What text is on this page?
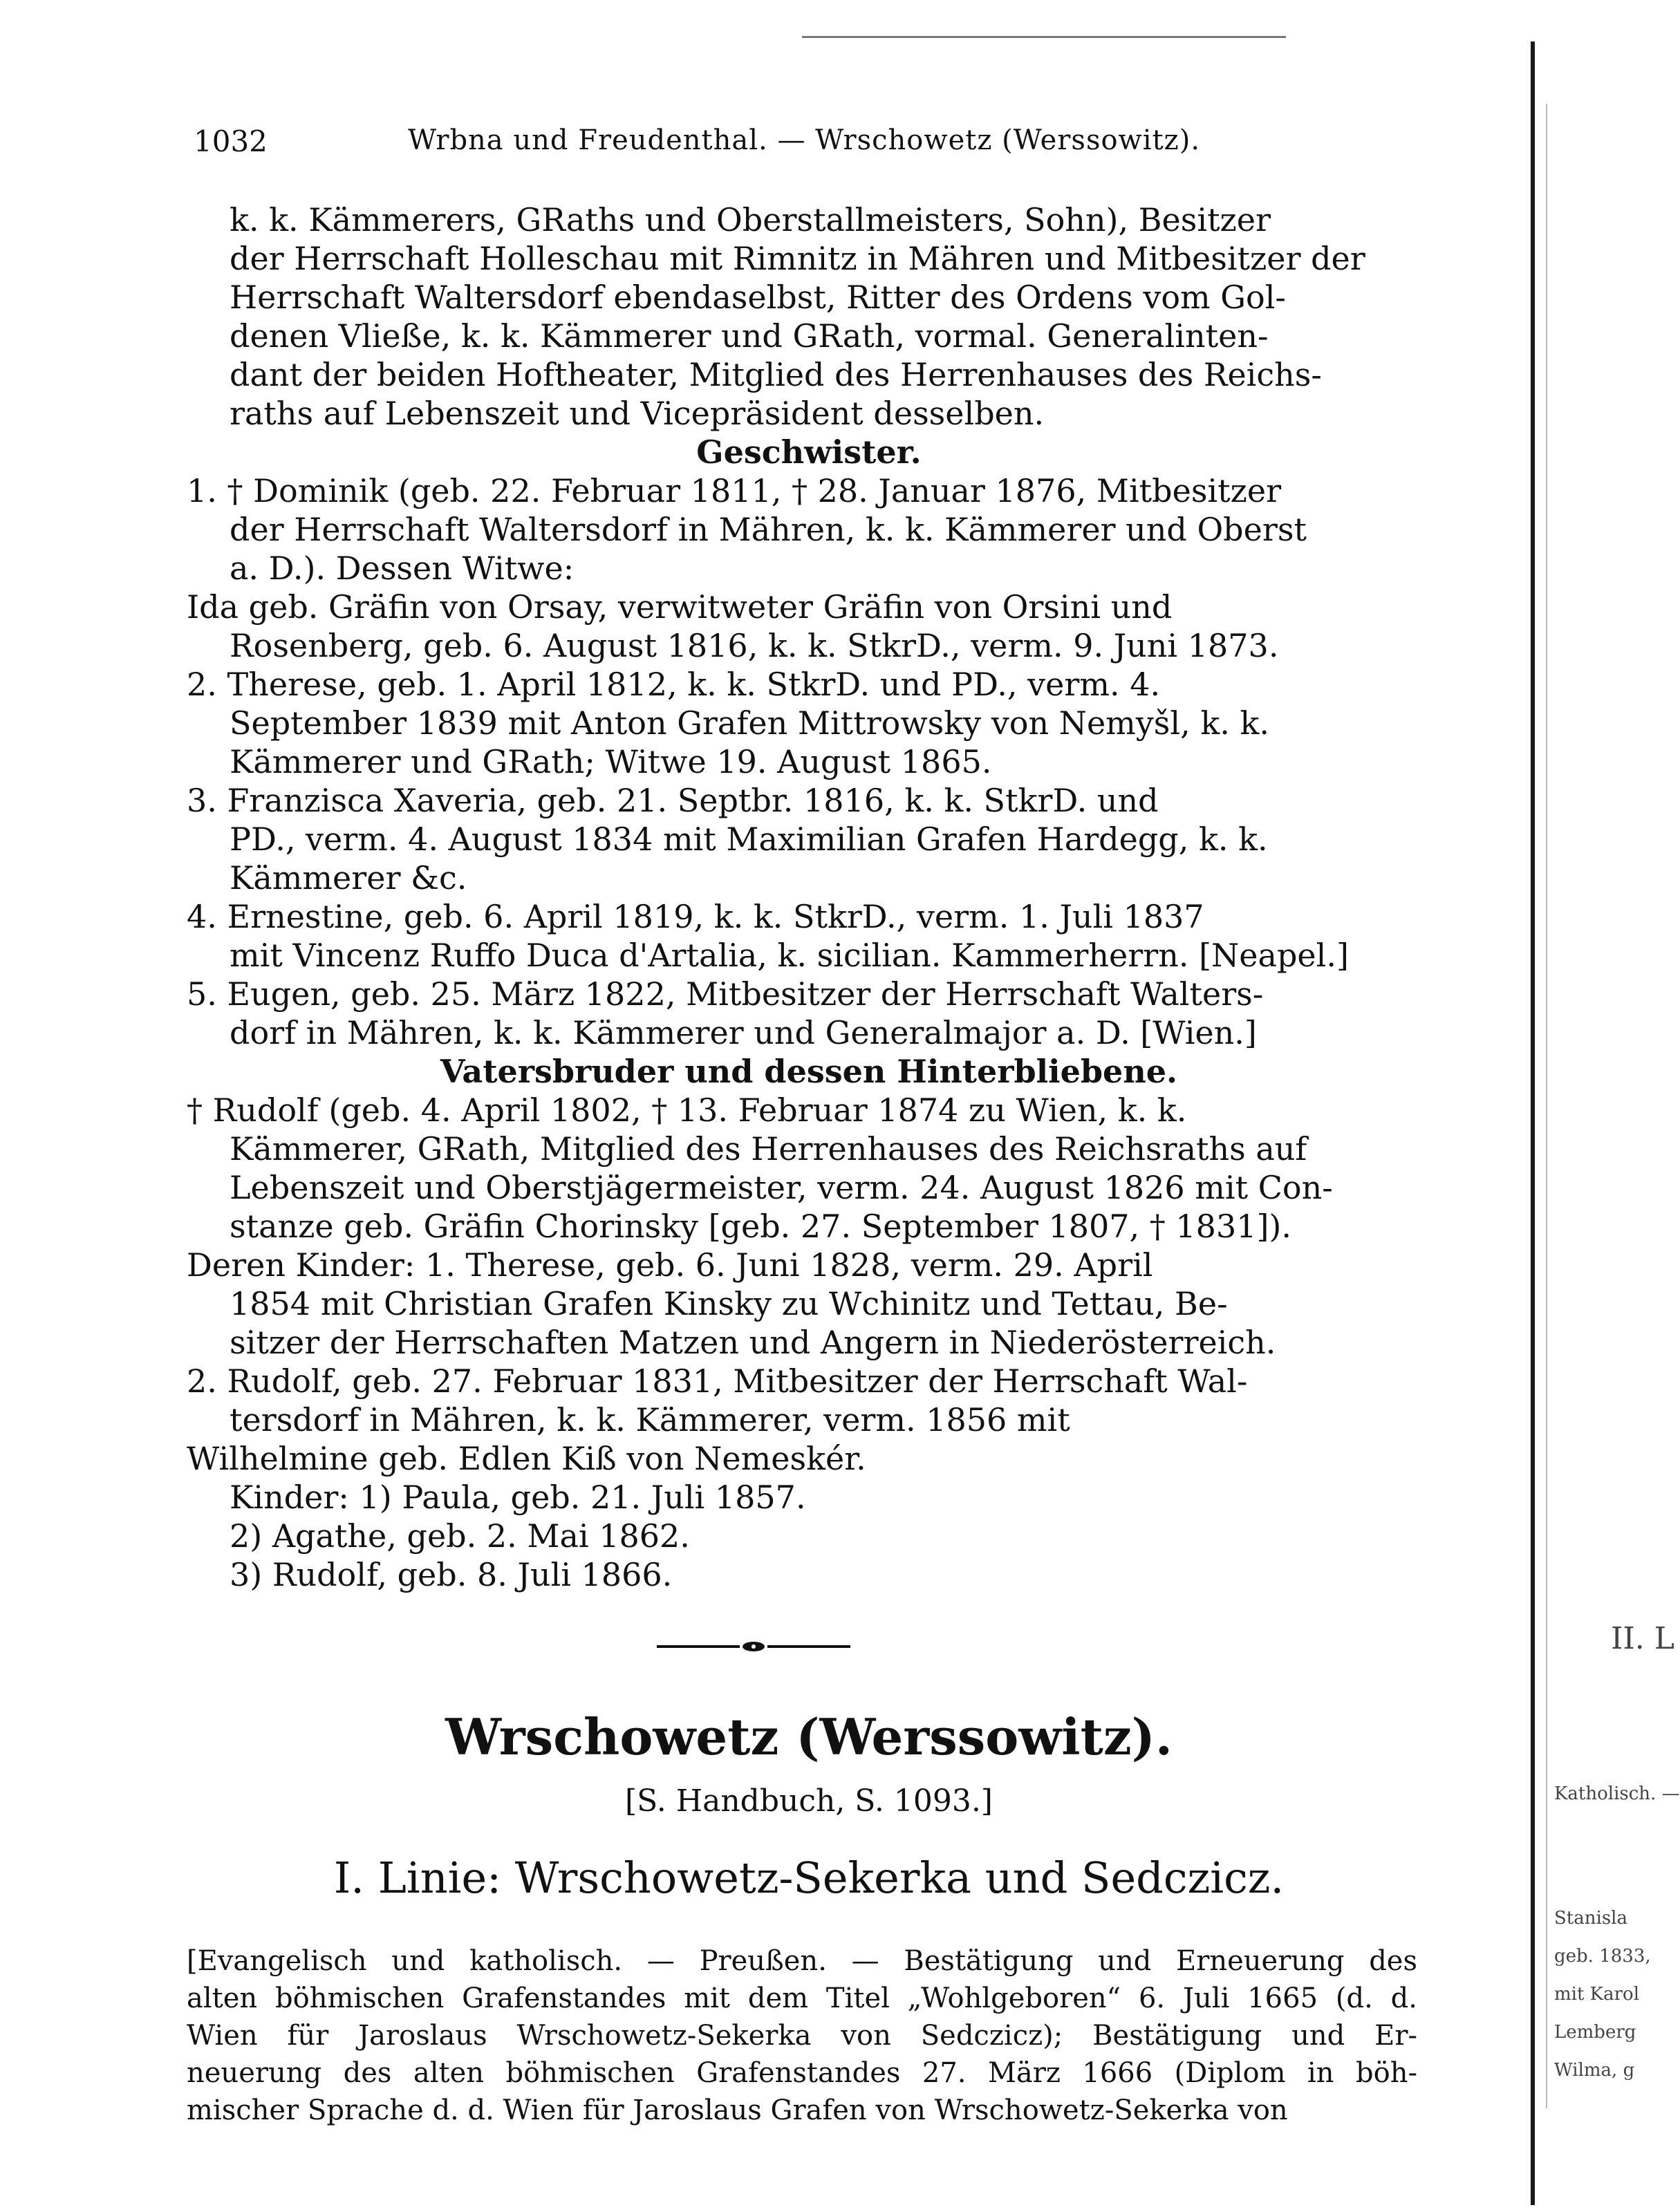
1032	Wrbna und Freudenthal. — Wrschowetz (Werssowitz).
k. k. Kämmerers, GRaths und Oberstallmeisters, Sohn), Besitzer
der Herrschaft Holleschau mit Rimnitz in Mähren und Mitbesitzer der
Herrschaft Waltersdorf ebendaselbst, Ritter des Ordens vom Gol-
denen Vließe, k. k. Kämmerer und GRath, vormal. Generalinten-
dant der beiden Hoftheater, Mitglied des Herrenhauses des Reichs-
raths auf Lebenszeit und Vicepräsident desselben.
Geschwister.
1. † Dominik (geb. 22. Februar 1811, † 28. Januar 1876, Mitbesitzer
der Herrschaft Waltersdorf in Mähren, k. k. Kämmerer und Oberst
a. D.). Dessen Witwe:
Ida geb. Gräfin von Orsay, verwitweter Gräfin von Orsini und
Rosenberg, geb. 6. August 1816, k. k. StkrD., verm. 9. Juni 1873.
2. Therese, geb. 1. April 1812, k. k. StkrD. und PD., verm. 4.
September 1839 mit Anton Grafen Mittrowsky von Nemyšl, k. k.
Kämmerer und GRath; Witwe 19. August 1865.
3. Franzisca Xaveria, geb. 21. Septbr. 1816, k. k. StkrD. und
PD., verm. 4. August 1834 mit Maximilian Grafen Hardegg, k. k.
Kämmerer &c.
4. Ernestine, geb. 6. April 1819, k. k. StkrD., verm. 1. Juli 1837
mit Vincenz Ruffo Duca d'Artalia, k. sicilian. Kammerherrn. [Neapel.]
5. Eugen, geb. 25. März 1822, Mitbesitzer der Herrschaft Walters-
dorf in Mähren, k. k. Kämmerer und Generalmajor a. D. [Wien.]
Vatersbruder und dessen Hinterbliebene.
† Rudolf (geb. 4. April 1802, † 13. Februar 1874 zu Wien, k. k.
Kämmerer, GRath, Mitglied des Herrenhauses des Reichsraths auf
Lebenszeit und Oberstjägermeister, verm. 24. August 1826 mit Con-
stanze geb. Gräfin Chorinsky [geb. 27. September 1807, † 1831]).
Deren Kinder: 1. Therese, geb. 6. Juni 1828, verm. 29. April
1854 mit Christian Grafen Kinsky zu Wchinitz und Tettau, Be-
sitzer der Herrschaften Matzen und Angern in Niederösterreich.
2. Rudolf, geb. 27. Februar 1831, Mitbesitzer der Herrschaft Wal-
tersdorf in Mähren, k. k. Kämmerer, verm. 1856 mit
Wilhelmine geb. Edlen Kiß von Nemeskér.
Kinder: 1) Paula, geb. 21. Juli 1857.
2) Agathe, geb. 2. Mai 1862.
3) Rudolf, geb. 8. Juli 1866.
Wrschowetz (Werssowitz).
[S. Handbuch, S. 1093.]
I. Linie: Wrschowetz-Sekerka und Sedczicz.
[Evangelisch und katholisch. — Preußen. — Bestätigung und Erneuerung des
alten böhmischen Grafenstandes mit dem Titel „Wohlgeboren“ 6. Juli 1665 (d. d.
Wien für Jaroslaus Wrschowetz-Sekerka von Sedczicz); Bestätigung und Er-
neuerung des alten böhmischen Grafenstandes 27. März 1666 (Diplom in böh-
mischer Sprache d. d. Wien für Jaroslaus Grafen von Wrschowetz-Sekerka von
II. L
Katholisch. —
Stanisla
geb. 1833,
mit Karol
Lemberg
Wilma, g
